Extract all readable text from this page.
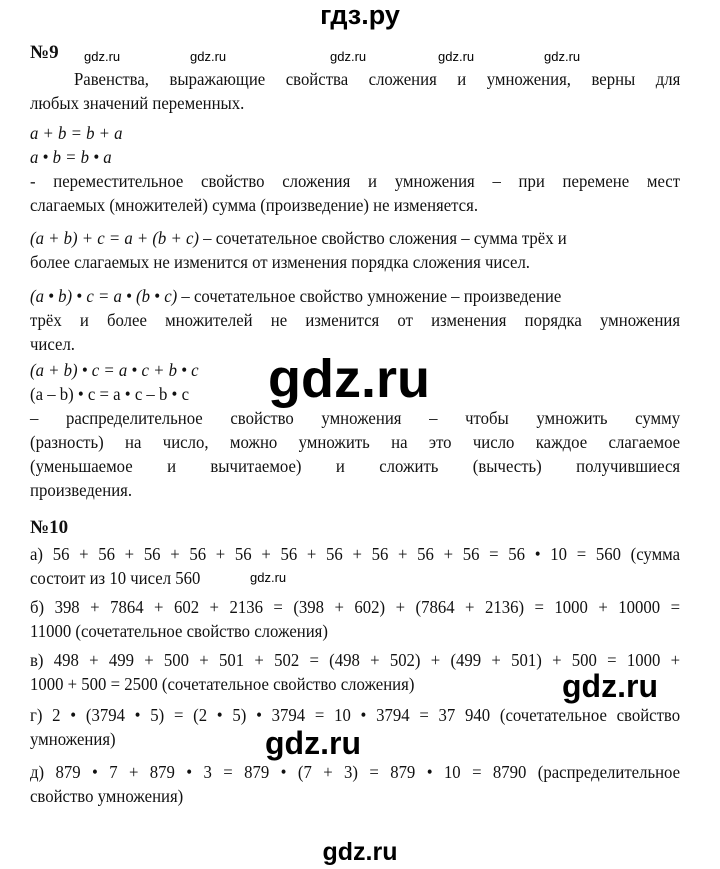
гдз.ру
№9 gdz.ru	gdz.ru	gdz.ru	gdz.ru	gdz.ru
Равенства, выражающие свойства сложения и умножения, верны для
любых значений переменных.
a + b = b + a
a • b = b • a
- переместительное свойство сложения и умножения – при перемене мест
слагаемых (множителей) сумма (произведение) не изменяется.
(a + b) + c = a + (b + c) – сочетательное свойство сложения – сумма трёх и
более слагаемых не изменится от изменения порядка сложения чисел.
(a • b) • c = a • (b • c) – сочетательное свойство умножение – произведение
трёх и более множителей не изменится от изменения порядка умножения
чисел.
(a + b) • c = a • c + b • c
(a – b) • c = a • c – b • c	gdz.ru
– распределительное свойство умножения – чтобы умножить сумму
(разность) на число, можно умножить на это число каждое слагаемое
(уменьшаемое и вычитаемое) и сложить (вычесть) получившиеся
произведения.
№10
а) 56 + 56 + 56 + 56 + 56 + 56 + 56 + 56 + 56 + 56 = 56 • 10 = 560 (сумма
состоит из 10 чисел 560	gdz.ru
б) 398 + 7864 + 602 + 2136 = (398 + 602) + (7864 + 2136) = 1000 + 10000 =
11000 (сочетательное свойство сложения)
в) 498 + 499 + 500 + 501 + 502 = (498 + 502) + (499 + 501) + 500 = 1000 +
1000 + 500 = 2500 (сочетательное свойство сложения)	gdz.ru
г) 2 • (3794 • 5) = (2 • 5) • 3794 = 10 • 3794 = 37 940 (сочетательное свойство
умножения)	gdz.ru
д) 879 • 7 + 879 • 3 = 879 • (7 + 3) = 879 • 10 = 8790 (распределительное
свойство умножения)
gdz.ru
